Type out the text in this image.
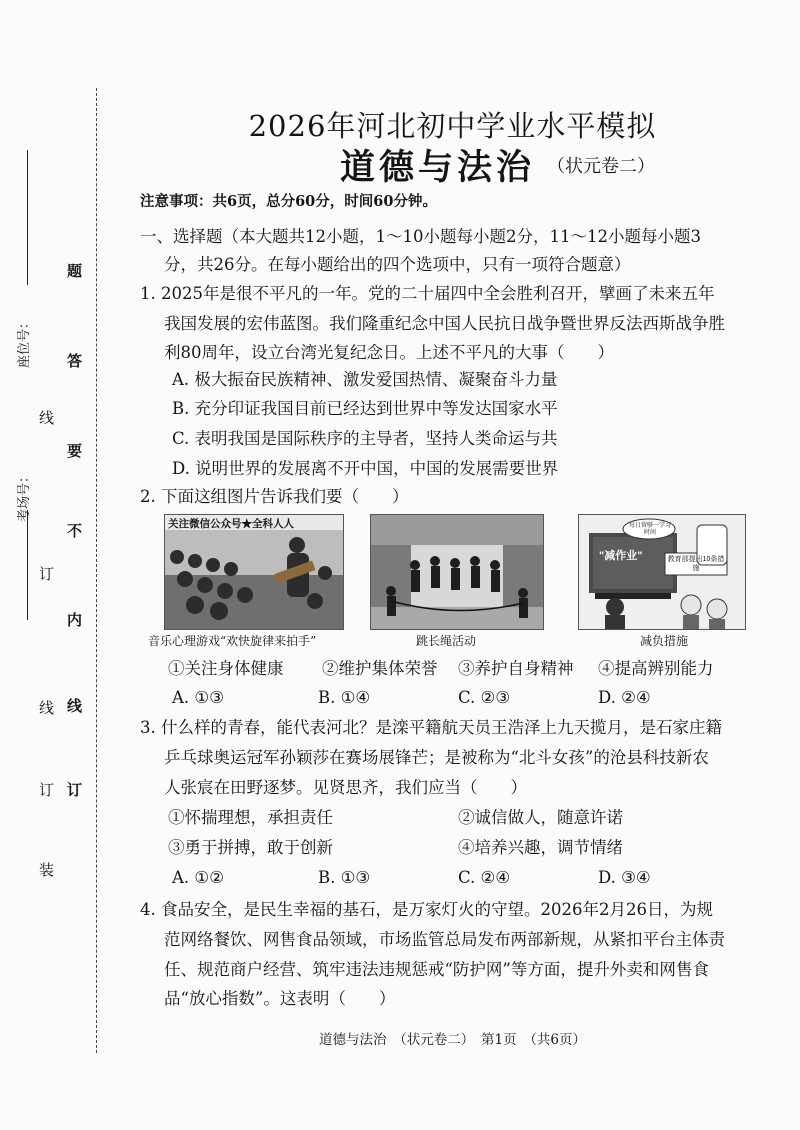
座位号：
考场号：
题
答
要
不
内
线
订
线
订
线
订
装
2026年河北初中学业水平模拟
道德与法治 （状元卷二）
注意事项：共6页，总分60分，时间60分钟。

一、选择题（本大题共12小题，1～10小题每小题2分，11～12小题每小题3

分，共26分。在每小题给出的四个选项中，只有一项符合题意）

1. 2025年是很不平凡的一年。党的二十届四中全会胜利召开，擘画了未来五年

我国发展的宏伟蓝图。我们隆重纪念中国人民抗日战争暨世界反法西斯战争胜

利80周年，设立台湾光复纪念日。上述不平凡的大事（　　）

A. 极大振奋民族精神、激发爱国热情、凝聚奋斗力量
B. 充分印证我国目前已经达到世界中等发达国家水平
C. 表明我国是国际秩序的主导者，坚持人类命运与共
D. 说明世界的发展离不开中国，中国的发展需要世界

2. 下面这组图片告诉我们要（　　）

关注微信公众号★全科人人	每日留够一学习时间
"减作业"	教育部提出10条措施
音乐心理游戏“欢快旋律来拍手”	跳长绳活动	减负措施
①关注身体健康 ②维护集体荣誉 ③养护自身精神 ④提高辨别能力
A. ①③	B. ①④	C. ②③	D. ②④

3. 什么样的青春，能代表河北？是滦平籍航天员王浩泽上九天揽月，是石家庄籍

乒乓球奥运冠军孙颖莎在赛场展锋芒；是被称为“北斗女孩”的沧县科技新农

人张宸在田野逐梦。见贤思齐，我们应当（　　）

①怀揣理想，承担责任	②诚信做人，随意许诺
③勇于拼搏，敢于创新	④培养兴趣，调节情绪
A. ①②	B. ①③	C. ②④	D. ③④

4. 食品安全，是民生幸福的基石，是万家灯火的守望。2026年2月26日，为规

范网络餐饮、网售食品领域，市场监管总局发布两部新规，从紧扣平台主体责

任、规范商户经营、筑牢违法违规惩戒“防护网”等方面，提升外卖和网售食

品“放心指数”。这表明（　　）

道德与法治　（状元卷二）　第1页　（共6页）
